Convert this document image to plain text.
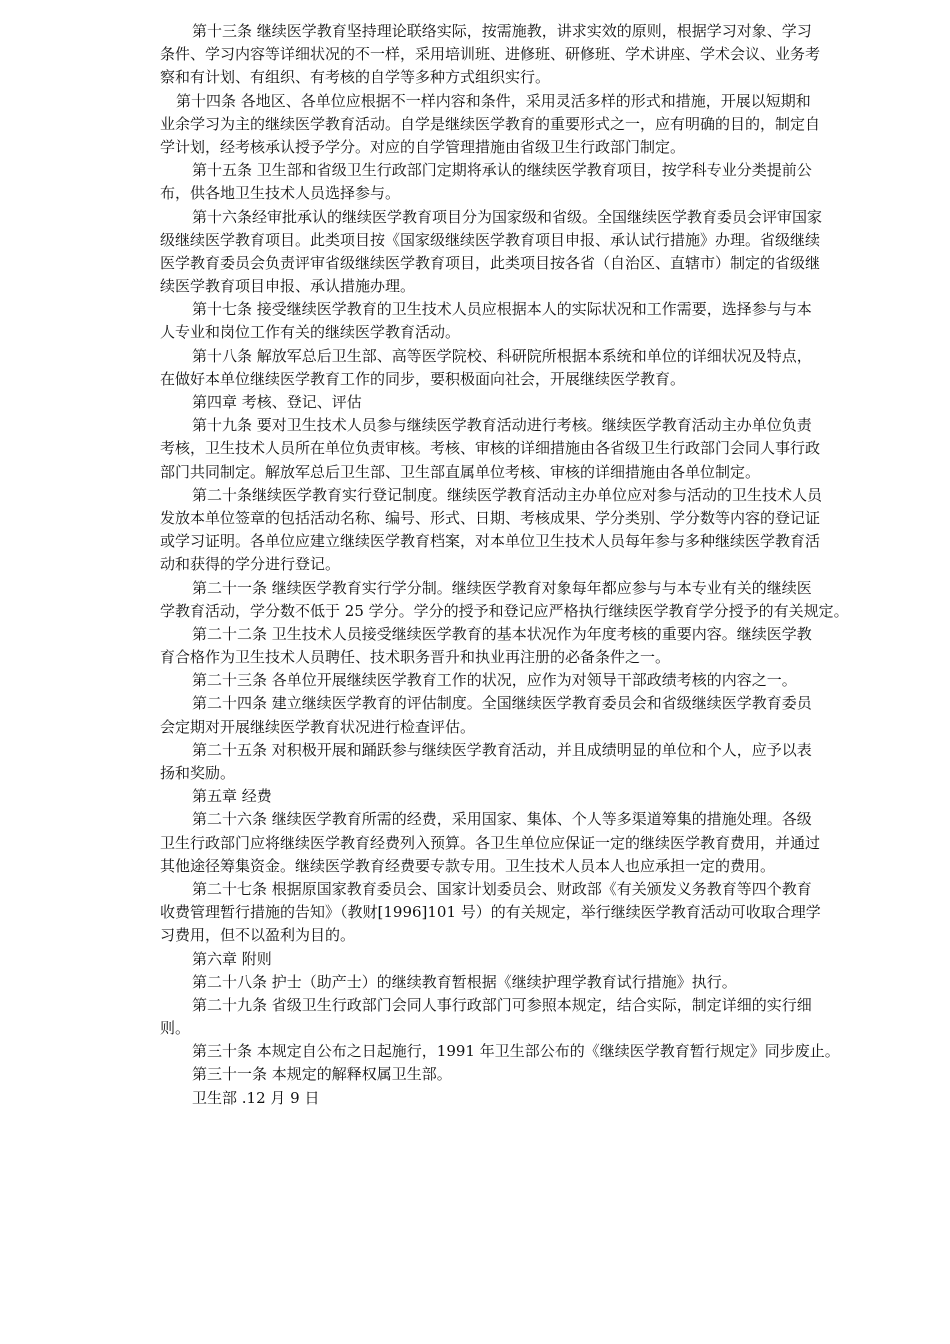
第十三条 继续医学教育坚持理论联络实际，按需施教，讲求实效的原则，根据学习对象、学习
条件、学习内容等详细状况的不一样，采用培训班、进修班、研修班、学术讲座、学术会议、业务考
察和有计划、有组织、有考核的自学等多种方式组织实行。
第十四条 各地区、各单位应根据不一样内容和条件，采用灵活多样的形式和措施，开展以短期和
业余学习为主的继续医学教育活动。自学是继续医学教育的重要形式之一，应有明确的目的，制定自
学计划，经考核承认授予学分。对应的自学管理措施由省级卫生行政部门制定。
第十五条 卫生部和省级卫生行政部门定期将承认的继续医学教育项目，按学科专业分类提前公
布，供各地卫生技术人员选择参与。
第十六条经审批承认的继续医学教育项目分为国家级和省级。全国继续医学教育委员会评审国家
级继续医学教育项目。此类项目按《国家级继续医学教育项目申报、承认试行措施》办理。省级继续
医学教育委员会负责评审省级继续医学教育项目，此类项目按各省（自治区、直辖市）制定的省级继
续医学教育项目申报、承认措施办理。
第十七条 接受继续医学教育的卫生技术人员应根据本人的实际状况和工作需要，选择参与与本
人专业和岗位工作有关的继续医学教育活动。
第十八条 解放军总后卫生部、高等医学院校、科研院所根据本系统和单位的详细状况及特点，
在做好本单位继续医学教育工作的同步，要积极面向社会，开展继续医学教育。
第四章 考核、登记、评估
第十九条 要对卫生技术人员参与继续医学教育活动进行考核。继续医学教育活动主办单位负责
考核，卫生技术人员所在单位负责审核。考核、审核的详细措施由各省级卫生行政部门会同人事行政
部门共同制定。解放军总后卫生部、卫生部直属单位考核、审核的详细措施由各单位制定。
第二十条继续医学教育实行登记制度。继续医学教育活动主办单位应对参与活动的卫生技术人员
发放本单位签章的包括活动名称、编号、形式、日期、考核成果、学分类别、学分数等内容的登记证
或学习证明。各单位应建立继续医学教育档案，对本单位卫生技术人员每年参与多种继续医学教育活
动和获得的学分进行登记。
第二十一条 继续医学教育实行学分制。继续医学教育对象每年都应参与与本专业有关的继续医
学教育活动，学分数不低于 25 学分。学分的授予和登记应严格执行继续医学教育学分授予的有关规定。
第二十二条 卫生技术人员接受继续医学教育的基本状况作为年度考核的重要内容。继续医学教
育合格作为卫生技术人员聘任、技术职务晋升和执业再注册的必备条件之一。
第二十三条 各单位开展继续医学教育工作的状况，应作为对领导干部政绩考核的内容之一。
第二十四条 建立继续医学教育的评估制度。全国继续医学教育委员会和省级继续医学教育委员
会定期对开展继续医学教育状况进行检查评估。
第二十五条 对积极开展和踊跃参与继续医学教育活动，并且成绩明显的单位和个人，应予以表
扬和奖励。
第五章 经费
第二十六条 继续医学教育所需的经费，采用国家、集体、个人等多渠道筹集的措施处理。各级
卫生行政部门应将继续医学教育经费列入预算。各卫生单位应保证一定的继续医学教育费用，并通过
其他途径筹集资金。继续医学教育经费要专款专用。卫生技术人员本人也应承担一定的费用。
第二十七条 根据原国家教育委员会、国家计划委员会、财政部《有关颁发义务教育等四个教育
收费管理暂行措施的告知》（教财[1996]101 号）的有关规定，举行继续医学教育活动可收取合理学
习费用，但不以盈利为目的。
第六章 附则
第二十八条 护士（助产士）的继续教育暂根据《继续护理学教育试行措施》执行。
第二十九条 省级卫生行政部门会同人事行政部门可参照本规定，结合实际，制定详细的实行细
则。
第三十条 本规定自公布之日起施行，1991 年卫生部公布的《继续医学教育暂行规定》同步废止。
第三十一条 本规定的解释权属卫生部。
卫生部 .12 月 9 日
